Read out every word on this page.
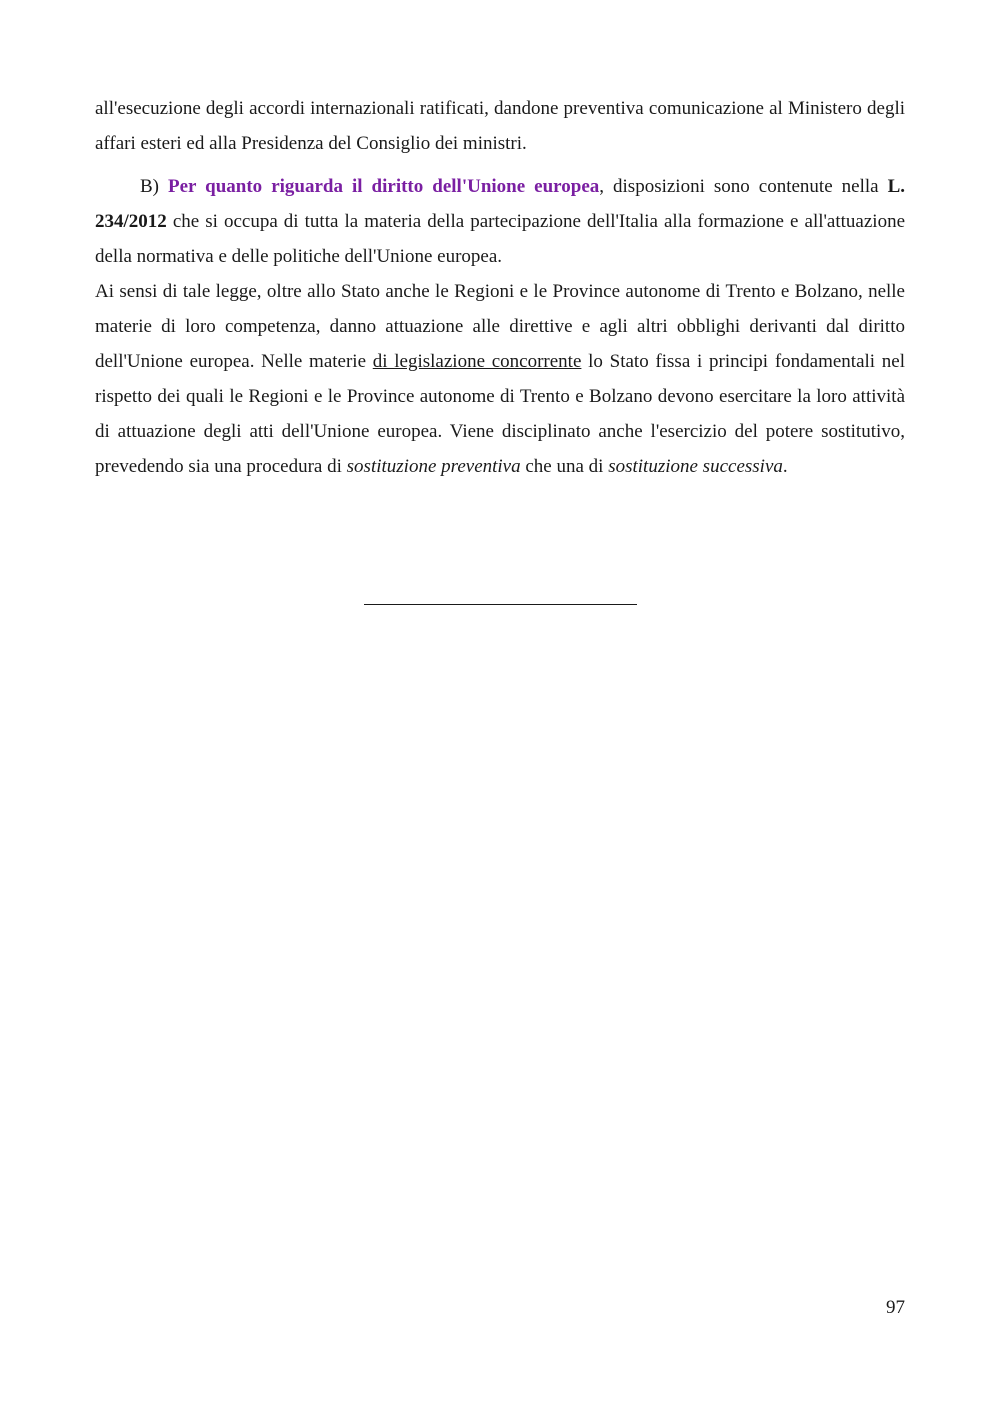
all'esecuzione degli accordi internazionali ratificati, dandone preventiva comunicazione al Ministero degli affari esteri ed alla Presidenza del Consiglio dei ministri.

B) Per quanto riguarda il diritto dell'Unione europea, disposizioni sono contenute nella L. 234/2012 che si occupa di tutta la materia della partecipazione dell'Italia alla formazione e all'attuazione della normativa e delle politiche dell'Unione europea.

Ai sensi di tale legge, oltre allo Stato anche le Regioni e le Province autonome di Trento e Bolzano, nelle materie di loro competenza, danno attuazione alle direttive e agli altri obblighi derivanti dal diritto dell'Unione europea. Nelle materie di legislazione concorrente lo Stato fissa i principi fondamentali nel rispetto dei quali le Regioni e le Province autonome di Trento e Bolzano devono esercitare la loro attività di attuazione degli atti dell'Unione europea. Viene disciplinato anche l'esercizio del potere sostitutivo, prevedendo sia una procedura di sostituzione preventiva che una di sostituzione successiva.

97
